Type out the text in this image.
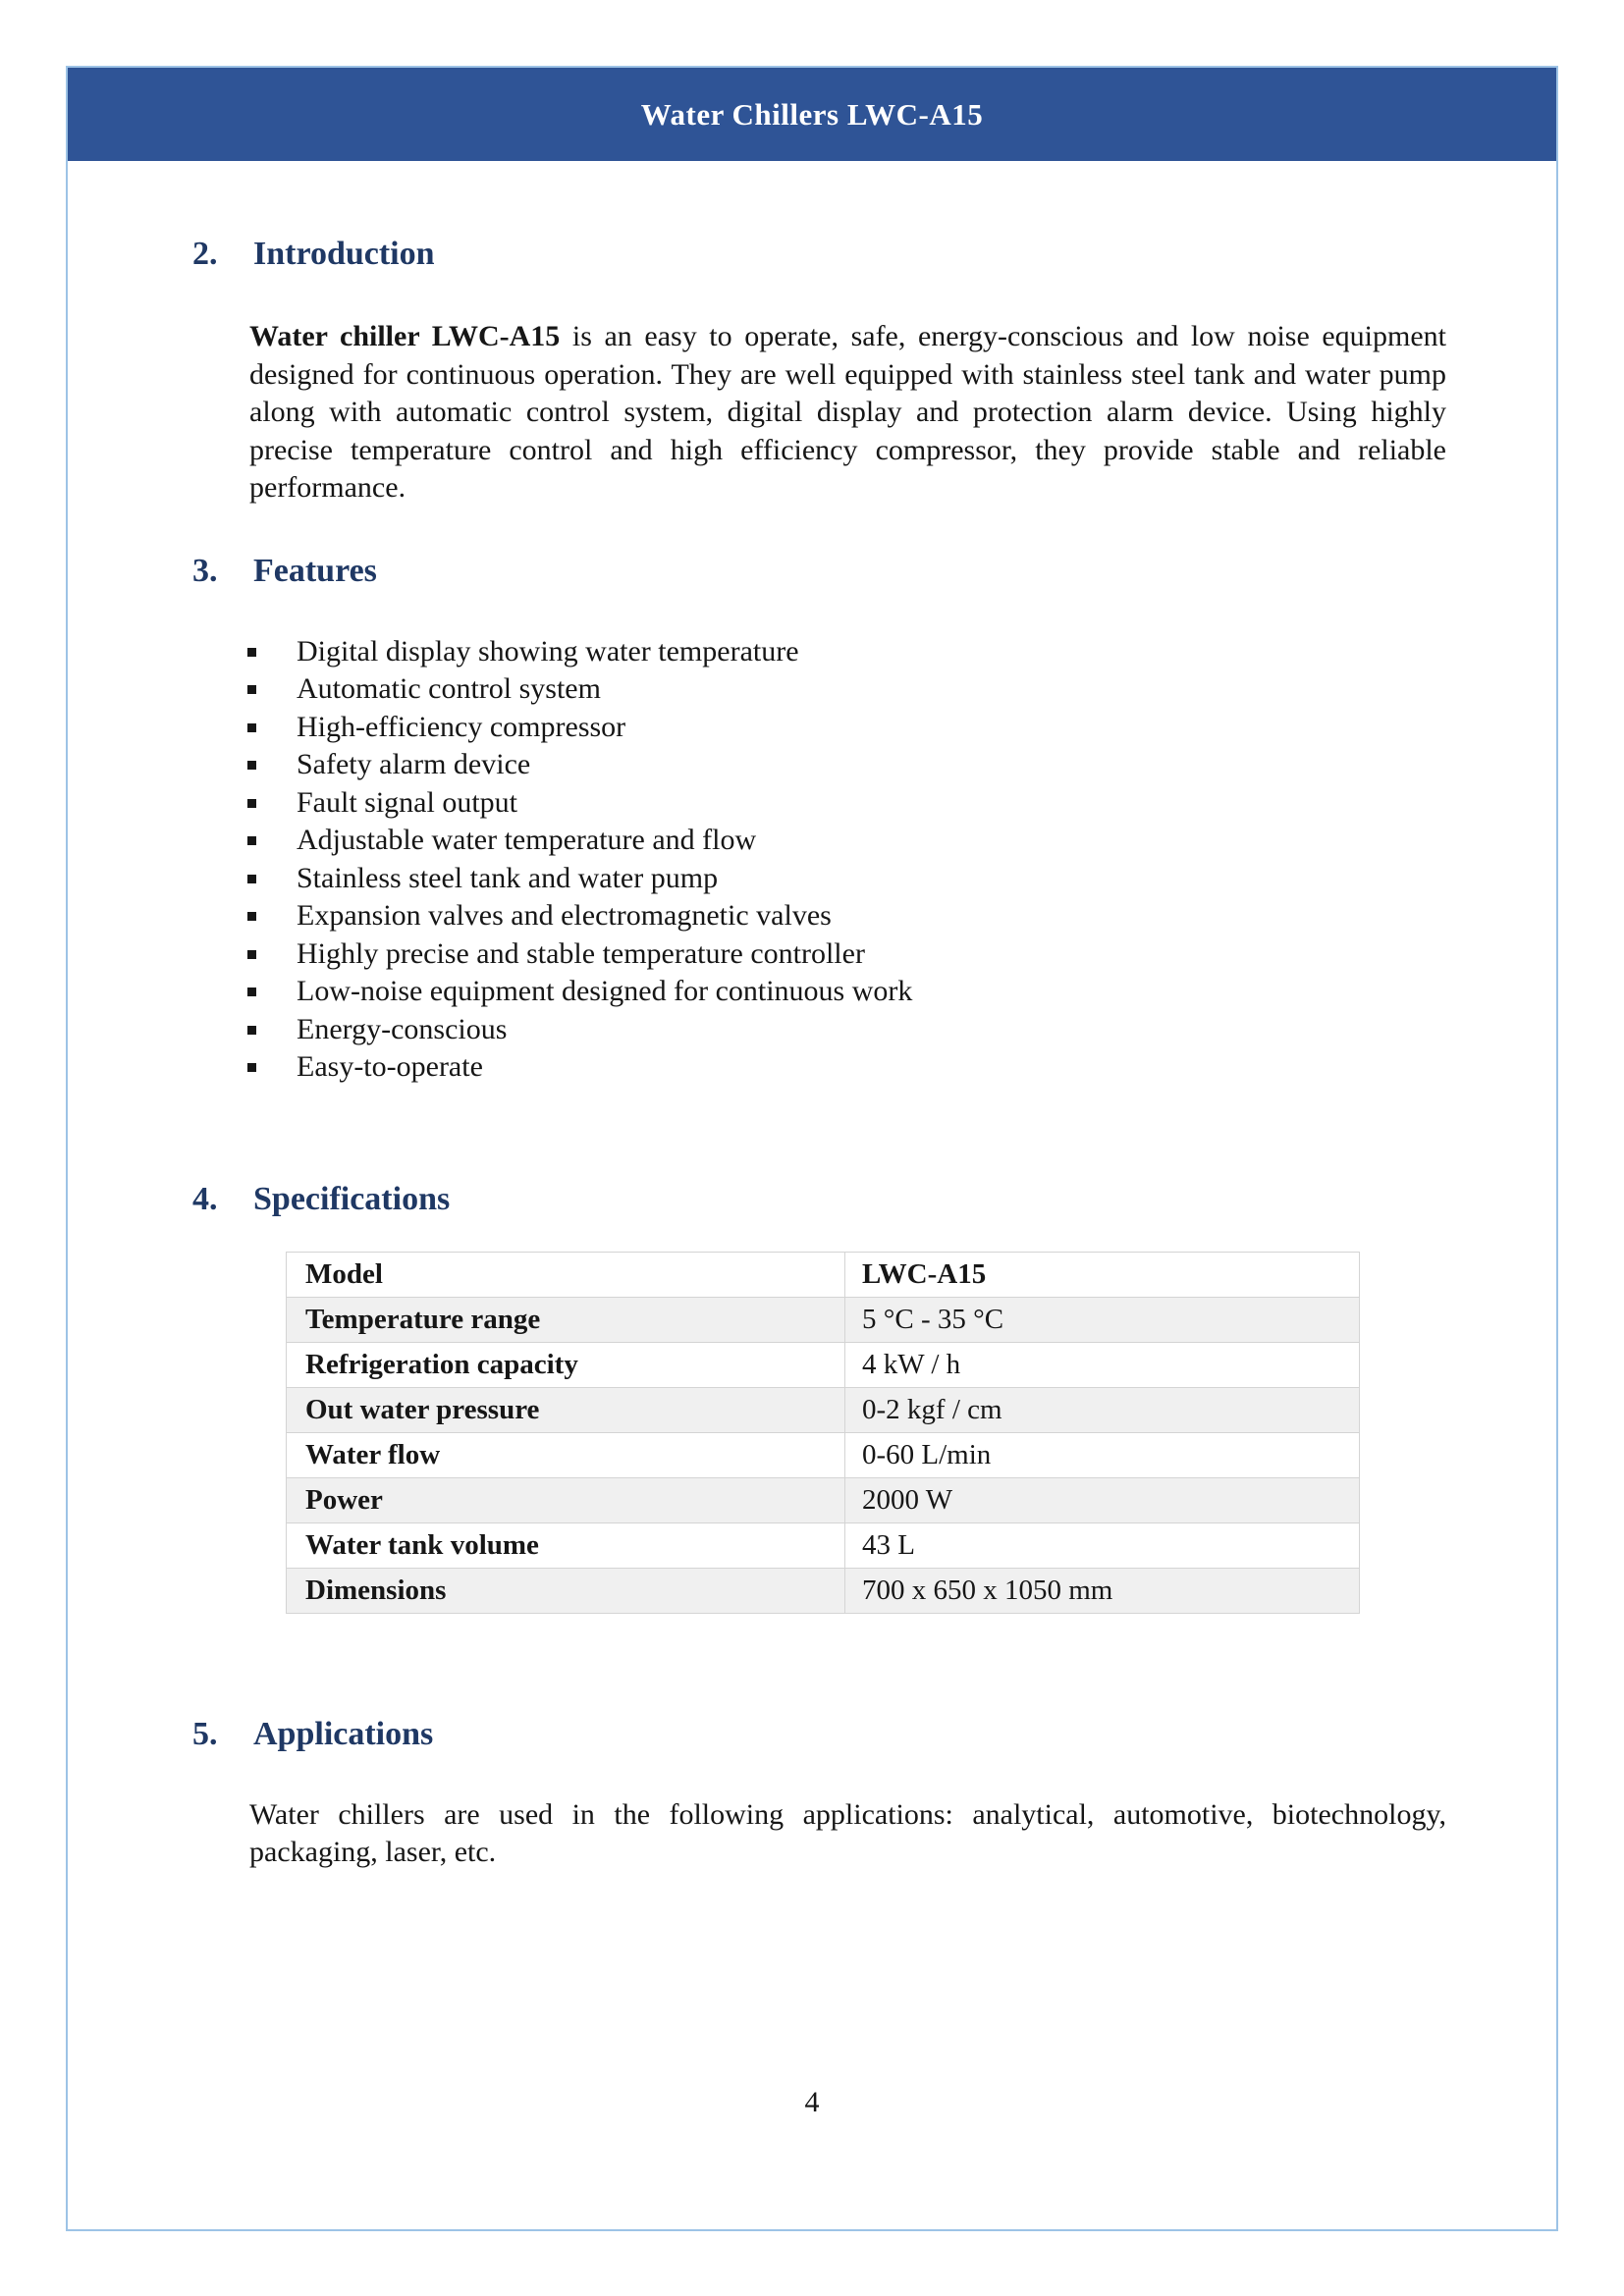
Water Chillers LWC-A15
2.	Introduction

Water chiller LWC-A15 is an easy to operate, safe, energy-conscious and low noise equipment designed for continuous operation. They are well equipped with stainless steel tank and water pump along with automatic control system, digital display and protection alarm device. Using highly precise temperature control and high efficiency compressor, they provide stable and reliable performance.

3.	Features
Digital display showing water temperature
Automatic control system
High-efficiency compressor
Safety alarm device
Fault signal output
Adjustable water temperature and flow
Stainless steel tank and water pump
Expansion valves and electromagnetic valves
Highly precise and stable temperature controller
Low-noise equipment designed for continuous work
Energy-conscious
Easy-to-operate
4.	Specifications
Model	LWC-A15
Temperature range	5 °C - 35 °C
Refrigeration capacity	4 kW / h
Out water pressure	0-2 kgf / cm
Water flow	0-60 L/min
Power	2000 W
Water tank volume	43 L
Dimensions	700 x 650 x 1050 mm
5.	Applications

Water chillers are used in the following applications: analytical, automotive, biotechnology, packaging, laser, etc.

4
